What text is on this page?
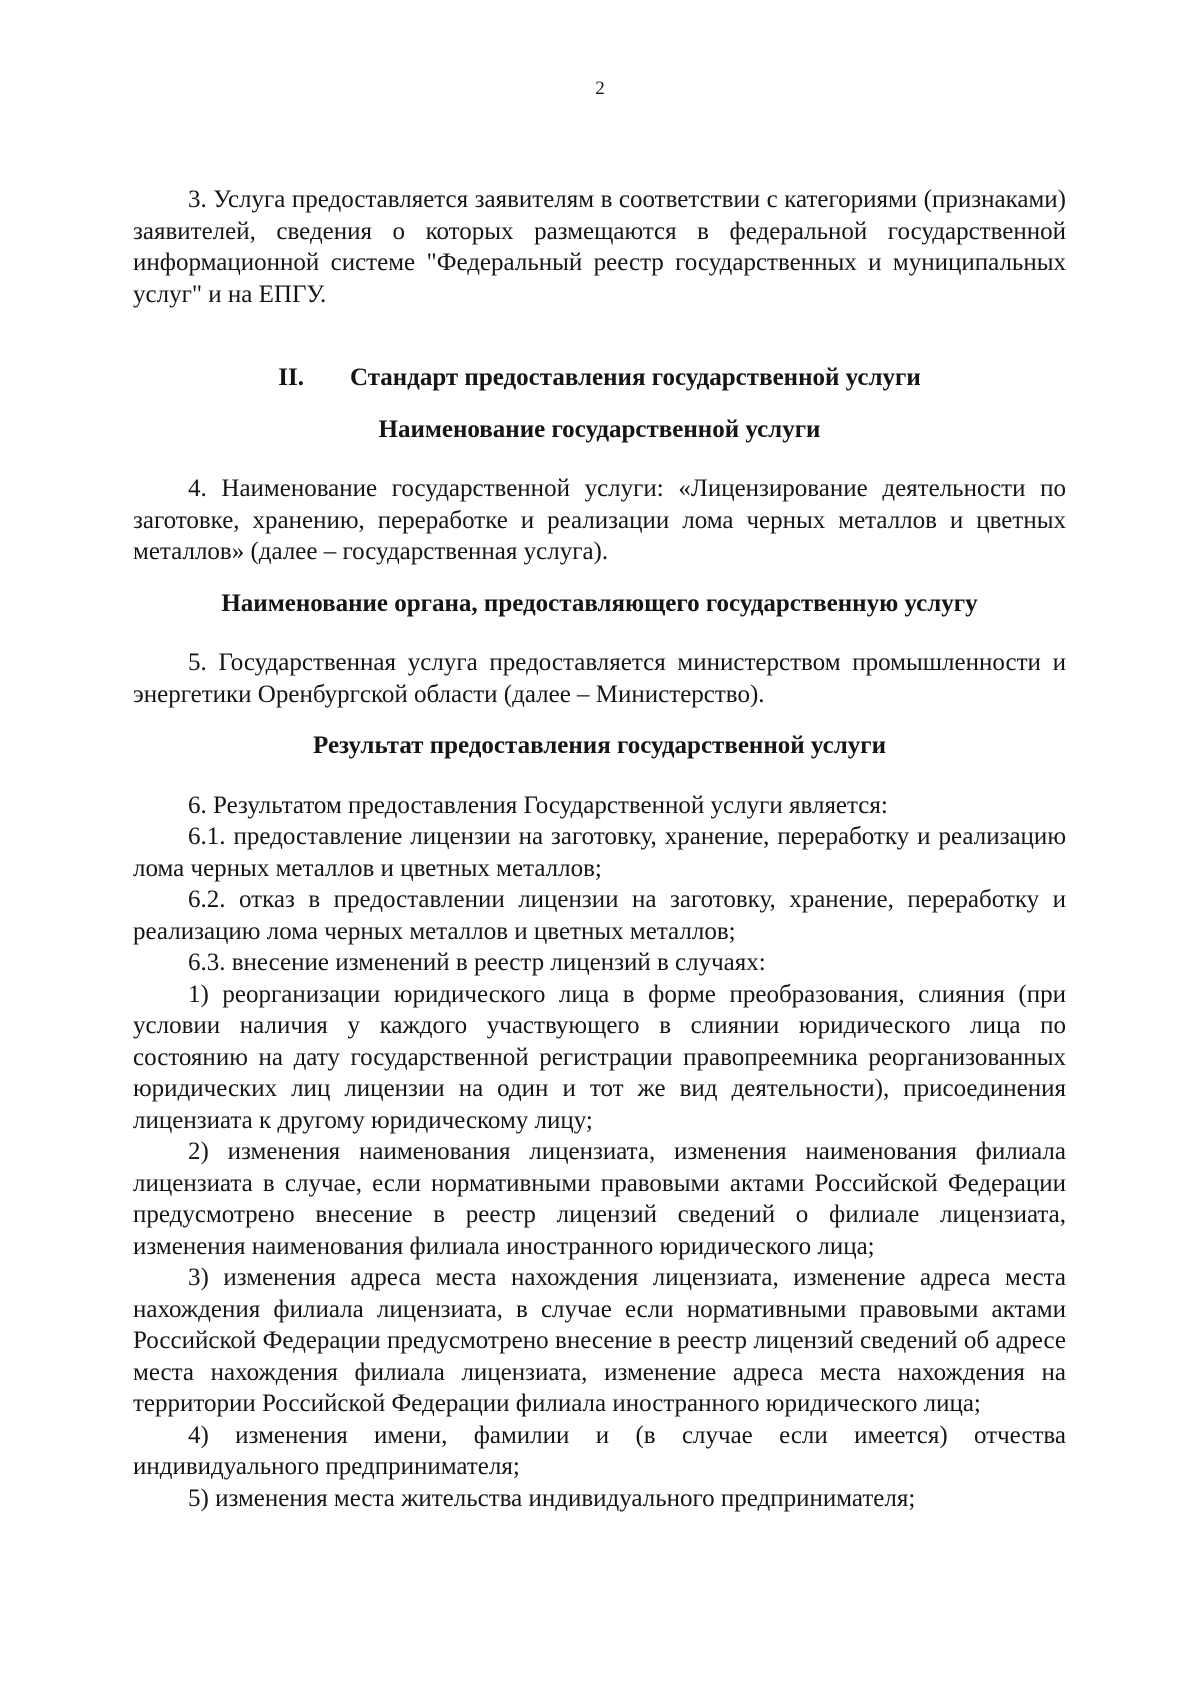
2

3. Услуга предоставляется заявителям в соответствии с категориями (признаками) заявителей, сведения о которых размещаются в федеральной государственной информационной системе "Федеральный реестр государственных и муниципальных услуг" и на ЕПГУ.

II. Стандарт предоставления государственной услуги
Наименование государственной услуги

4. Наименование государственной услуги: «Лицензирование деятельности по заготовке, хранению, переработке и реализации лома черных металлов и цветных металлов» (далее – государственная услуга).

Наименование органа, предоставляющего государственную услугу

5. Государственная услуга предоставляется министерством промышленности и энергетики Оренбургской области (далее – Министерство).

Результат предоставления государственной услуги

6. Результатом предоставления Государственной услуги является:

6.1. предоставление лицензии на заготовку, хранение, переработку и реализацию лома черных металлов и цветных металлов;

6.2. отказ в предоставлении лицензии на заготовку, хранение, переработку и реализацию лома черных металлов и цветных металлов;

6.3. внесение изменений в реестр лицензий в случаях:

1) реорганизации юридического лица в форме преобразования, слияния (при условии наличия у каждого участвующего в слиянии юридического лица по состоянию на дату государственной регистрации правопреемника реорганизованных юридических лиц лицензии на один и тот же вид деятельности), присоединения лицензиата к другому юридическому лицу;

2) изменения наименования лицензиата, изменения наименования филиала лицензиата в случае, если нормативными правовыми актами Российской Федерации предусмотрено внесение в реестр лицензий сведений о филиале лицензиата, изменения наименования филиала иностранного юридического лица;

3) изменения адреса места нахождения лицензиата, изменение адреса места нахождения филиала лицензиата, в случае если нормативными правовыми актами Российской Федерации предусмотрено внесение в реестр лицензий сведений об адресе места нахождения филиала лицензиата, изменение адреса места нахождения на территории Российской Федерации филиала иностранного юридического лица;

4) изменения имени, фамилии и (в случае если имеется) отчества индивидуального предпринимателя;

5) изменения места жительства индивидуального предпринимателя;
